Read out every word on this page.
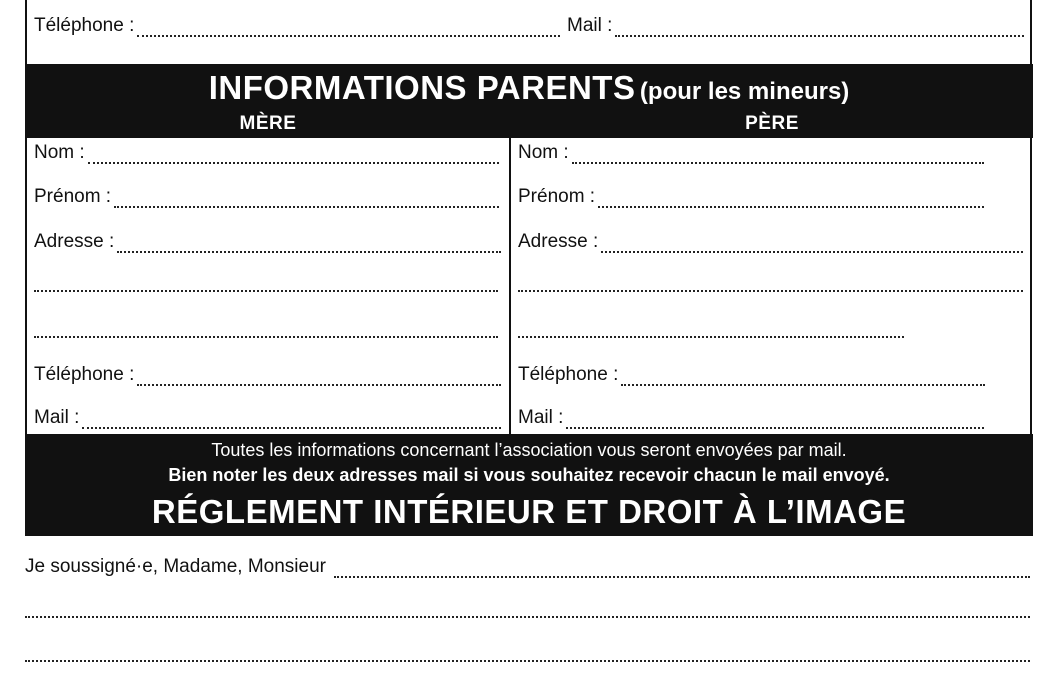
Téléphone :	Mail :
INFORMATIONS PARENTS (pour les mineurs)
MÈRE	PÈRE
Nom :
Prénom :
Adresse :
Téléphone :
Mail :
Nom :
Prénom :
Adresse :
Téléphone :
Mail :
Toutes les informations concernant l’association vous seront envoyées par mail.
Bien noter les deux adresses mail si vous souhaitez recevoir chacun le mail envoyé.
RÉGLEMENT INTÉRIEUR ET DROIT À L’IMAGE
Je soussigné·e, Madame, Monsieur
